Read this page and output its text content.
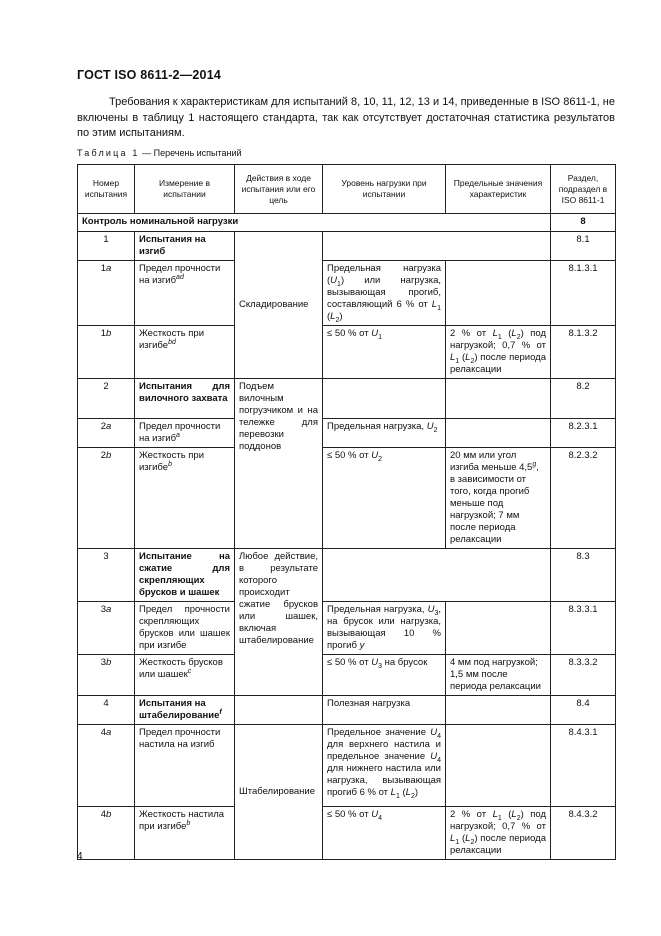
ГОСТ ISO 8611-2—2014
Требования к характеристикам для испытаний 8, 10, 11, 12, 13 и 14, приведенные в ISO 8611-1, не включены в таблицу 1 настоящего стандарта, так как отсутствует достаточная статистика результатов по этим испытаниям.
Таблица 1 — Перечень испытаний
Номер испытания	Измерение в испытании	Действия в ходе испытания или его цель	Уровень нагрузки при испытании	Предельные значения характеристик	Раздел, подраздел в ISO 8611-1
Контроль номинальной нагрузки					8
1	Испытания на изгиб	Складирование			8.1
1a	Предел прочности на изгиб$^{ad}$		Предельная нагрузка $(U_1)$ или нагрузка, вызывающая прогиб, составляющий 6 % от $L_1$ $(L_2)$		8.1.3.1
1b	Жесткость при изгибе$^{bd}$		≤ 50 % от $U_1$	2 % от $L_1$ $(L_2)$ под нагрузкой; 0,7 % от $L_1$ $(L_2)$ после периода релаксации	8.1.3.2
2	Испытания для вилочного захвата	Подъем вилочным погрузчиком и на тележке для перевозки поддонов			8.2
2a	Предел прочности на изгиб$^a$		Предельная нагрузка, $U_2$		8.2.3.1
2b	Жесткость при изгибе$^b$		≤ 50 % от $U_2$	20 мм или угол изгиба меньше 4,5$^g$, в зависимости от того, когда прогиб меньше под нагрузкой; 7 мм после периода релаксации	8.2.3.2
3	Испытание на сжатие для скрепляющих брусков и шашек	Любое действие, в результате которого происходит сжатие брусков или шашек, включая штабелирование			8.3
3a	Предел прочности скрепляющих брусков или шашек при изгибе		Предельная нагрузка, $U_3$, на брусок или нагрузка, вызывающая 10 % прогиб y		8.3.3.1
3b	Жесткость брусков или шашек$^c$		≤ 50 % от $U_3$ на брусок	4 мм под нагрузкой; 1,5 мм после периода релаксации	8.3.3.2
4	Испытания на штабелирование$^f$		Полезная нагрузка		8.4
4a	Предел прочности настила на изгиб	Штабелирование	Предельное значение $U_4$ для верхнего настила и предельное значение $U_4$ для нижнего настила или нагрузка, вызывающая прогиб 6 % от $L_1$ $(L_2)$		8.4.3.1
4b	Жесткость настила при изгибе$^b$		≤ 50 % от $U_4$	2 % от $L_1$ $(L_2)$ под нагрузкой; 0,7 % от $L_1$ $(L_2)$ после периода релаксации	8.4.3.2
4
